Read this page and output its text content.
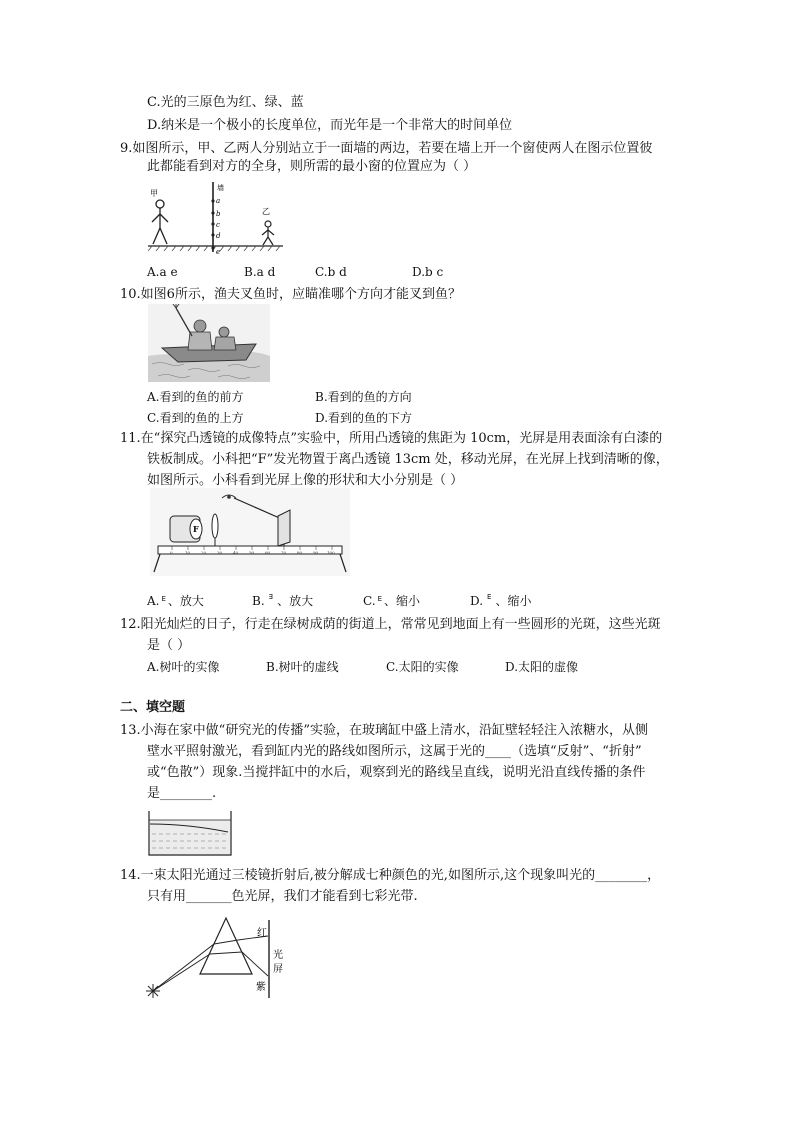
C.光的三原色为红、绿、蓝
D.纳米是一个极小的长度单位，而光年是一个非常大的时间单位
9.如图所示，甲、乙两人分别站立于一面墙的两边，若要在墙上开一个窗使两人在图示位置彼
此都能看到对方的全身，则所需的最小窗的位置应为（ ）
甲
墙
a
b
c
d
e
乙
A.a e	B.a d	C.b d	D.b c
10.如图6所示，渔夫叉鱼时，应瞄准哪个方向才能叉到鱼？
A.看到的鱼的前方	B.看到的鱼的方向
C.看到的鱼的上方	D.看到的鱼的下方
11.在“探究凸透镜的成像特点”实验中，所用凸透镜的焦距为 10cm，光屏是用表面涂有白漆的
铁板制成。小科把“F”发光物置于离凸透镜 13cm 处，移动光屏，在光屏上找到清晰的像，
如图所示。小科看到光屏上像的形状和大小分别是（ ）
F
0	10	20	30	40	50	60	70	80	90 100
A. E 、放大	B. Ǝ 、放大	C. E 、缩小	D. E 、缩小
12.阳光灿烂的日子，行走在绿树成荫的街道上，常常见到地面上有一些圆形的光斑，这些光斑
是（ ）
A.树叶的实像	B.树叶的虚线	C.太阳的实像	D.太阳的虚像
二、填空题
13.小海在家中做“研究光的传播”实验，在玻璃缸中盛上清水，沿缸壁轻轻注入浓糖水，从侧
壁水平照射激光，看到缸内光的路线如图所示，这属于光的____（选填“反射”、“折射”
或“色散”）现象.当搅拌缸中的水后，观察到光的路线呈直线，说明光沿直线传播的条件
是________.
14.一束太阳光通过三棱镜折射后,被分解成七种颜色的光,如图所示,这个现象叫光的________，
只有用_______色光屏，我们才能看到七彩光带.
红
光
屏
紫
